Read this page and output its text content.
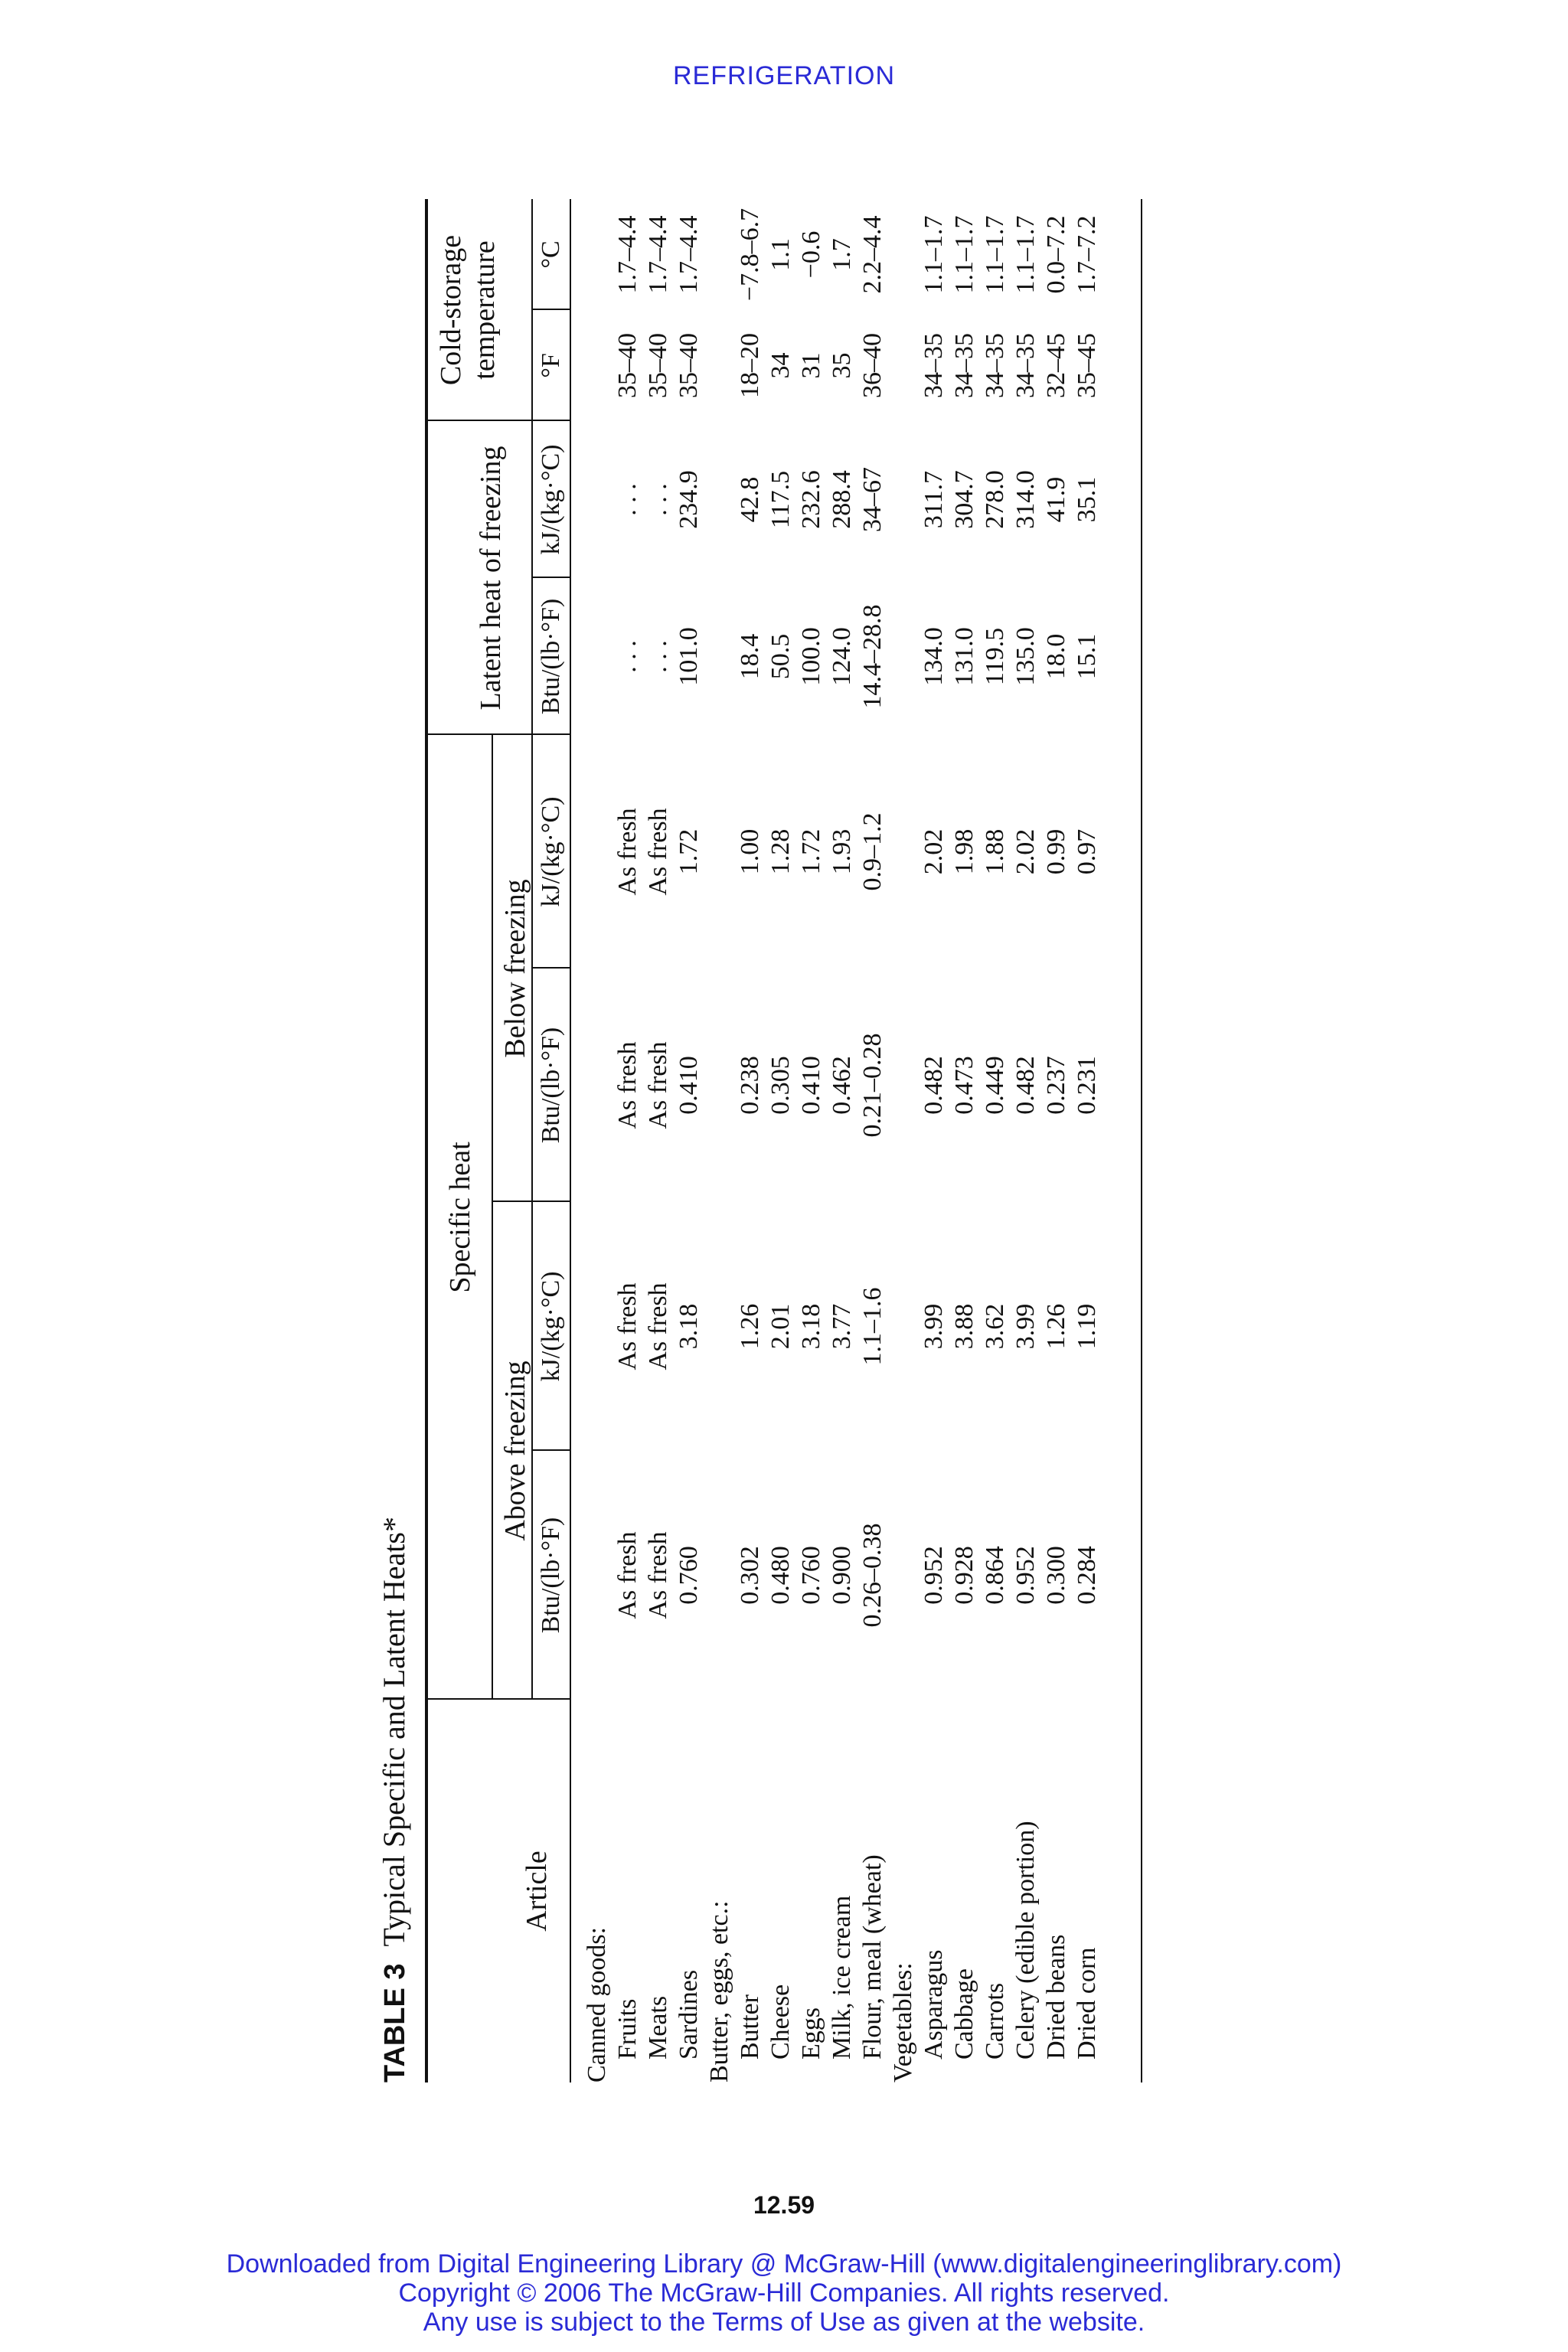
REFRIGERATION
TABLE 3Typical Specific and Latent Heats*	Article
Specific heat
Above freezing
Below freezing
Latent heat of freezing
Cold-storage temperature
Btu/(lb·°F)
kJ/(kg·°C)
Btu/(lb·°F)
kJ/(kg·°C)
Btu/(lb·°F)
kJ/(kg·°C)
°F
°C
Canned goods: Fruits Meats Sardines Butter, eggs, etc.: Butter Cheese Eggs Milk, ice cream Flour, meal (wheat) Vegetables: Asparagus Cabbage Carrots Celery (edible portion) Dried beans Dried corn
As fresh As fresh 0.760 0.302 0.480 0.760 0.900 0.26–0.38 0.952 0.928 0.864 0.952 0.300 0.284
As fresh As fresh 3.18 1.26 2.01 3.18 3.77 1.1–1.6 3.99 3.88 3.62 3.99 1.26 1.19
As fresh As fresh 0.410 0.238 0.305 0.410 0.462 0.21–0.28 0.482 0.473 0.449 0.482 0.237 0.231
As fresh As fresh 1.72 1.00 1.28 1.72 1.93 0.9–1.2 2.02 1.98 1.88 2.02 0.99 0.97
. . . . . . 101.0 18.4 50.5 100.0 124.0 14.4–28.8 134.0 131.0 119.5 135.0 18.0 15.1
. . . . . . 234.9 42.8 117.5 232.6 288.4 34–67 311.7 304.7 278.0 314.0 41.9 35.1
35–40 35–40 35–40 18–20 34 31 35 36–40 34–35 34–35 34–35 34–35 32–45 35–45
1.7–4.4 1.7–4.4 1.7–4.4 −7.8–6.7 1.1 −0.6 1.7 2.2–4.4 1.1–1.7 1.1–1.7 1.1–1.7 1.1–1.7 0.0–7.2 1.7–7.2
12.59
Downloaded from Digital Engineering Library @ McGraw-Hill (www.digitalengineeringlibrary.com)
Copyright © 2006 The McGraw-Hill Companies. All rights reserved.
Any use is subject to the Terms of Use as given at the website.
